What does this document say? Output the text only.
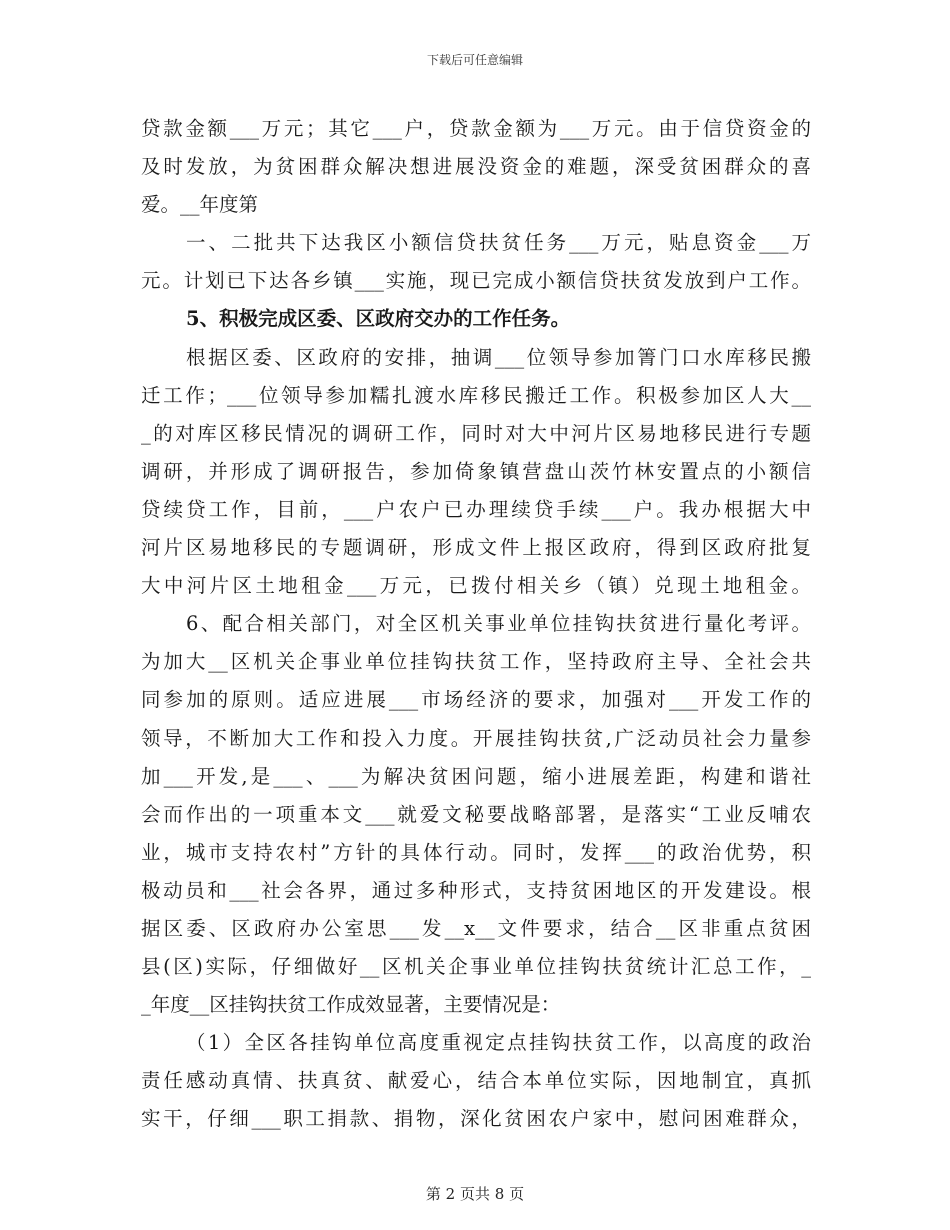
下载后可任意编辑
贷款金额___万元；其它___户，贷款金额为___万元。由于信贷资金的
及时发放，为贫困群众解决想进展没资金的难题，深受贫困群众的喜
爱。__年度第
一、二批共下达我区小额信贷扶贫任务___万元，贴息资金___万
元。计划已下达各乡镇___实施，现已完成小额信贷扶贫发放到户工作。
5、积极完成区委、区政府交办的工作任务。
根据区委、区政府的安排，抽调___位领导参加箐门口水库移民搬
迁工作；___位领导参加糯扎渡水库移民搬迁工作。积极参加区人大__
_的对库区移民情况的调研工作，同时对大中河片区易地移民进行专题
调研，并形成了调研报告，参加倚象镇营盘山茨竹林安置点的小额信
贷续贷工作，目前，___户农户已办理续贷手续___户。我办根据大中
河片区易地移民的专题调研，形成文件上报区政府，得到区政府批复
大中河片区土地租金___万元，已拨付相关乡（镇）兑现土地租金。
6、配合相关部门，对全区机关事业单位挂钩扶贫进行量化考评。
为加大__区机关企事业单位挂钩扶贫工作，坚持政府主导、全社会共
同参加的原则。适应进展___市场经济的要求，加强对___开发工作的
领导，不断加大工作和投入力度。开展挂钩扶贫,广泛动员社会力量参
加___开发,是___、___为解决贫困问题，缩小进展差距，构建和谐社
会而作出的一项重本文___就爱文秘要战略部署，是落实“工业反哺农
业，城市支持农村”方针的具体行动。同时，发挥___的政治优势，积
极动员和___社会各界，通过多种形式，支持贫困地区的开发建设。根
据区委、区政府办公室思___发__x__文件要求，结合__区非重点贫困
县(区)实际，仔细做好__区机关企事业单位挂钩扶贫统计汇总工作，_
_年度__区挂钩扶贫工作成效显著，主要情况是：
（1）全区各挂钩单位高度重视定点挂钩扶贫工作，以高度的政治
责任感动真情、扶真贫、献爱心，结合本单位实际，因地制宜，真抓
实干，仔细___职工捐款、捐物，深化贫困农户家中，慰问困难群众，
第 2 页共 8 页
